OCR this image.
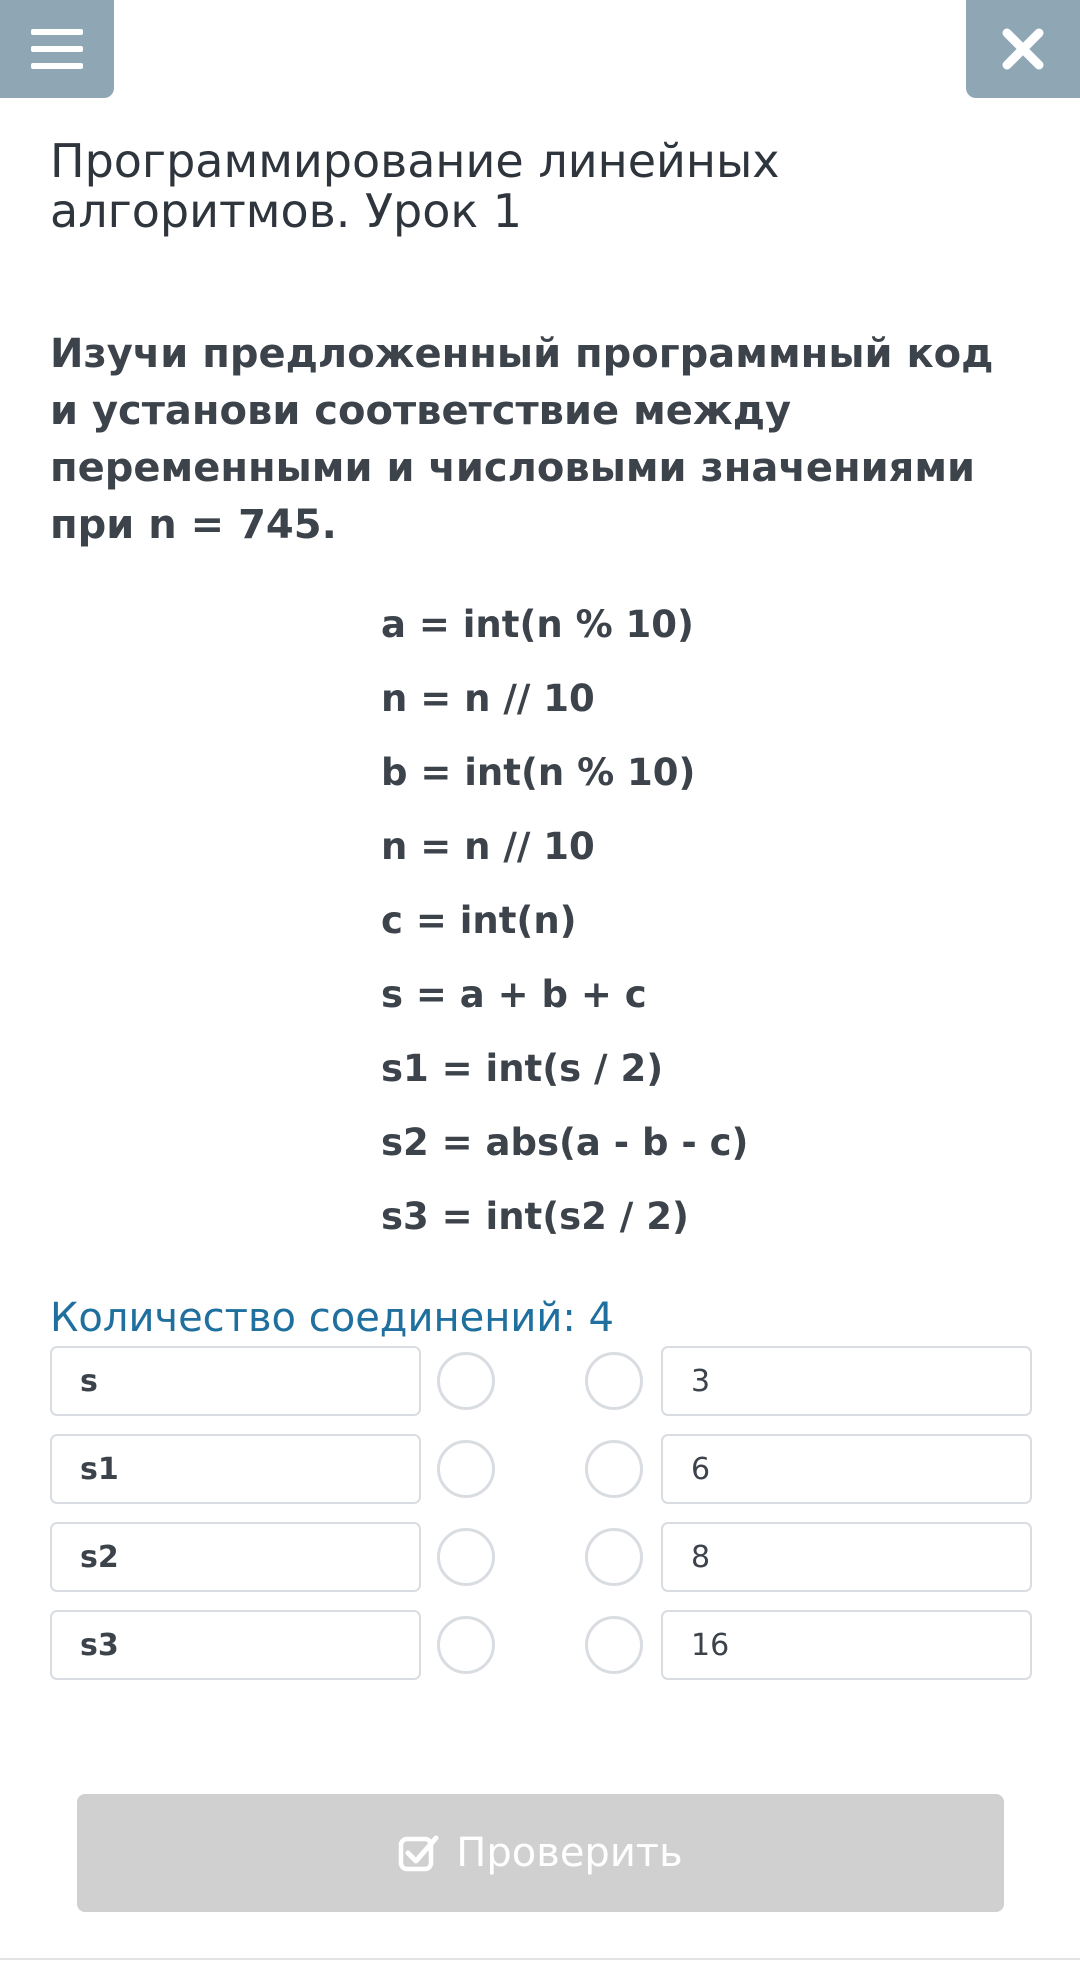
Программирование линейных алгоритмов. Урок 1

Изучи предложенный программный код и установи соответствие между переменными и числовыми значениями при n = 745.

a = int(n % 10)
n = n // 10
b = int(n % 10)
n = n // 10
c = int(n)
s = a + b + c
s1 = int(s / 2)
s2 = abs(a - b - c)
s3 = int(s2 / 2)
Количество соединений: 4
s	3
s1	6
s2	8
s3	16
Проверить
